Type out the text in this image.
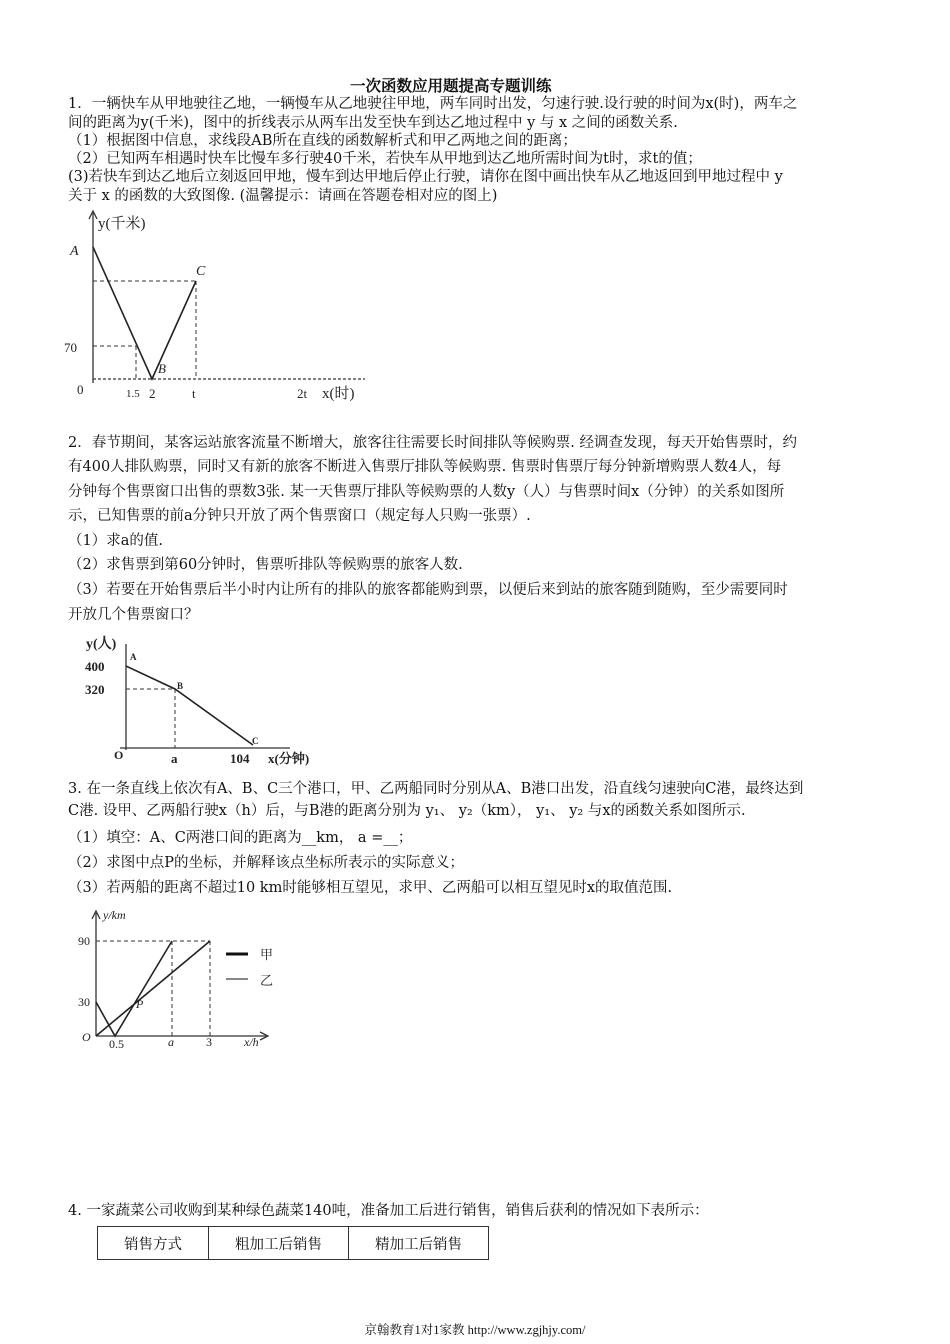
一次函数应用题提高专题训练
1．一辆快车从甲地驶往乙地，一辆慢车从乙地驶往甲地，两车同时出发，匀速行驶.设行驶的时间为x(时)，两车之
间的距离为y(千米)，图中的折线表示从两车出发至快车到达乙地过程中 y 与 x 之间的函数关系.
（1）根据图中信息，求线段AB所在直线的函数解析式和甲乙两地之间的距离；
（2）已知两车相遇时快车比慢车多行驶40千米，若快车从甲地到达乙地所需时间为t时，求t的值；
(3)若快车到达乙地后立刻返回甲地，慢车到达甲地后停止行驶，请你在图中画出快车从乙地返回到甲地过程中 y
关于 x 的函数的大致图像. (温馨提示：请画在答题卷相对应的图上)
y(千米)
A
C
B
70
0	1.5 2	t	2t x(时)
2．春节期间，某客运站旅客流量不断增大，旅客往往需要长时间排队等候购票. 经调查发现，每天开始售票时，约
有400人排队购票，同时又有新的旅客不断进入售票厅排队等候购票. 售票时售票厅每分钟新增购票人数4人，每
分钟每个售票窗口出售的票数3张. 某一天售票厅排队等候购票的人数y（人）与售票时间x（分钟）的关系如图所
示，已知售票的前a分钟只开放了两个售票窗口（规定每人只购一张票）.
（1）求a的值.
（2）求售票到第60分钟时，售票听排队等候购票的旅客人数.
（3）若要在开始售票后半小时内让所有的排队的旅客都能购到票，以便后来到站的旅客随到随购，至少需要同时
开放几个售票窗口？
y(人)
400
320
A
B
C
O	a	104 x(分钟)
3. 在一条直线上依次有A、B、C三个港口，甲、乙两船同时分别从A、B港口出发，沿直线匀速驶向C港，最终达到
C港. 设甲、乙两船行驶x（h）后，与B港的距离分别为 y₁、 y₂（km）， y₁、 y₂ 与x的函数关系如图所示.
（1）填空：A、C两港口间的距离为__km， a =__；
（2）求图中点P的坐标，并解释该点坐标所表示的实际意义；
（3）若两船的距离不超过10 km时能够相互望见，求甲、乙两船可以相互望见时x的取值范围.
甲
乙
y/km
90
30	P
O 0.5	a	3	x/h
4. 一家蔬菜公司收购到某种绿色蔬菜140吨，准备加工后进行销售，销售后获利的情况如下表所示：
销售方式	粗加工后销售	精加工后销售
京翰教育1对1家教 http://www.zgjhjy.com/
